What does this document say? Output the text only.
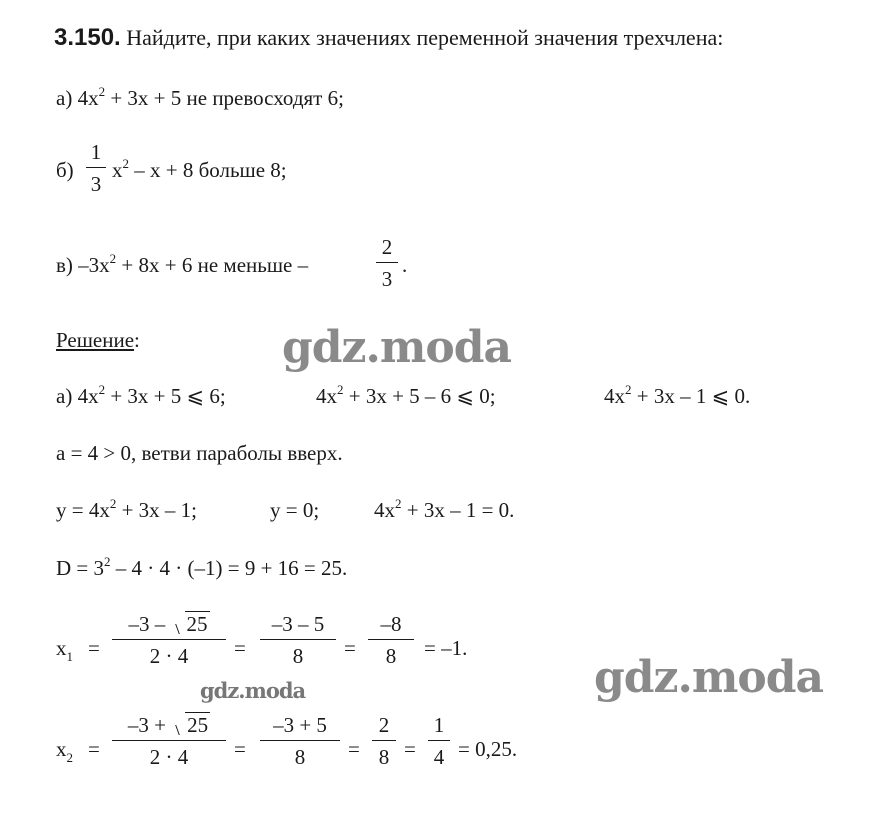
3.150. Найдите, при каких значениях переменной значения трехчлена:
а) $4x^2 + 3x + 5$ не превосходят 6;
б)
1
3
$x^2 - x + 8$ больше 8;
в) $-3x^2 + 8x + 6$ не меньше –
2
3
.
Решение:
а) $4x^2 + 3x + 5$ ⩽ 6;	$4x^2 + 3x + 5 - 6$ ⩽ 0;	$4x^2 + 3x - 1$ ⩽ 0.
a = 4 > 0, ветви параболы вверх.
$y = 4x^2 + 3x - 1$;	y = 0;	$4x^2 + 3x - 1 = 0$.
$D = 3^2 - 4 \cdot 4 \cdot (-1) = 9 + 16 = 25$.
$x_1$ =
–3 – 25
2 · 4	=
–3 – 5
8	=
–8
8	= –1.
$x_2$ =
–3 + 25
2 · 4	=
–3 + 5
8	=
2
8 =
1
4 = 0,25.
gdz.moda
gdz.moda
gdz.moda
